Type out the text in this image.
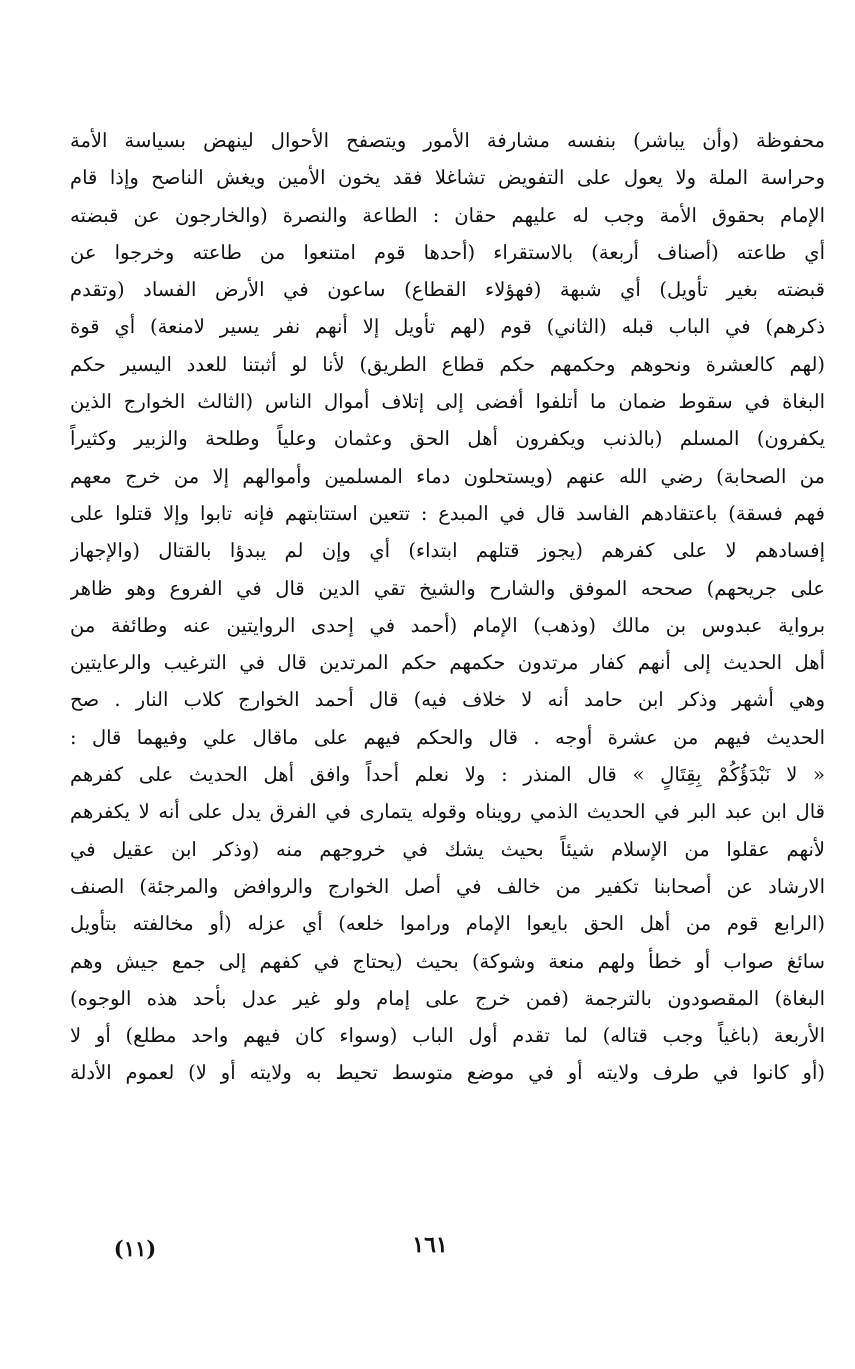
محفوظة (وأن يباشر) بنفسه مشارفة الأمور ويتصفح الأحوال لينهض بسياسة الأمة
وحراسة الملة ولا يعول على التفويض تشاغلا فقد يخون الأمين ويغش الناصح وإذا قام
الإمام بحقوق الأمة وجب له عليهم حقان : الطاعة والنصرة (والخارجون عن قبضته
أي طاعته (أصناف أربعة) بالاستقراء (أحدها قوم امتنعوا من طاعته وخرجوا عن
قبضته بغير تأويل) أي شبهة (فهؤلاء القطاع) ساعون في الأرض الفساد (وتقدم
ذكرهم) في الباب قبله (الثاني) قوم (لهم تأويل إلا أنهم نفر يسير لامنعة) أي قوة
(لهم كالعشرة ونحوهم وحكمهم حكم قطاع الطريق) لأنا لو أثبتنا للعدد اليسير حكم
البغاة في سقوط ضمان ما أتلفوا أفضى إلى إتلاف أموال الناس (الثالث الخوارج الذين
يكفرون) المسلم (بالذنب ويكفرون أهل الحق وعثمان وعلياً وطلحة والزبير وكثيراً
من الصحابة) رضي الله عنهم (ويستحلون دماء المسلمين وأموالهم إلا من خرج معهم
فهم فسقة) باعتقادهم الفاسد قال في المبدع : تتعين استتابتهم فإنه تابوا وإلا قتلوا على
إفسادهم لا على كفرهم (يجوز قتلهم ابتداء) أي وإن لم يبدؤا بالقتال (والإجهاز
على جريحهم) صححه الموفق والشارح والشيخ تقي الدين قال في الفروع وهو ظاهر
برواية عبدوس بن مالك (وذهب) الإمام (أحمد في إحدى الروايتين عنه وطائفة من
أهل الحديث إلى أنهم كفار مرتدون حكمهم حكم المرتدين قال في الترغيب والرعايتين
وهي أشهر وذكر ابن حامد أنه لا خلاف فيه) قال أحمد الخوارج كلاب النار . صح
الحديث فيهم من عشرة أوجه . قال والحكم فيهم على ماقال علي وفيهما قال :
« لا نَبْدَؤُكُمْ بِقِتَالٍ » قال المنذر : ولا نعلم أحداً وافق أهل الحديث على كفرهم
قال ابن عبد البر في الحديث الذمي رويناه وقوله يتمارى في الفرق يدل على أنه لا يكفرهم
لأنهم عقلوا من الإسلام شيئاً بحيث يشك في خروجهم منه (وذكر ابن عقيل في
الارشاد عن أصحابنا تكفير من خالف في أصل الخوارج والروافض والمرجئة) الصنف
(الرابع قوم من أهل الحق بايعوا الإمام وراموا خلعه) أي عزله (أو مخالفته بتأويل
سائغ صواب أو خطأ ولهم منعة وشوكة) بحيث (يحتاج في كفهم إلى جمع جيش وهم
البغاة) المقصودون بالترجمة (فمن خرج على إمام ولو غير عدل بأحد هذه الوجوه)
الأربعة (باغياً وجب قتاله) لما تقدم أول الباب (وسواء كان فيهم واحد مطلع) أو لا
(أو كانوا في طرف ولايته أو في موضع متوسط تحيط به ولايته أو لا) لعموم الأدلة
١٦١
(١١)
